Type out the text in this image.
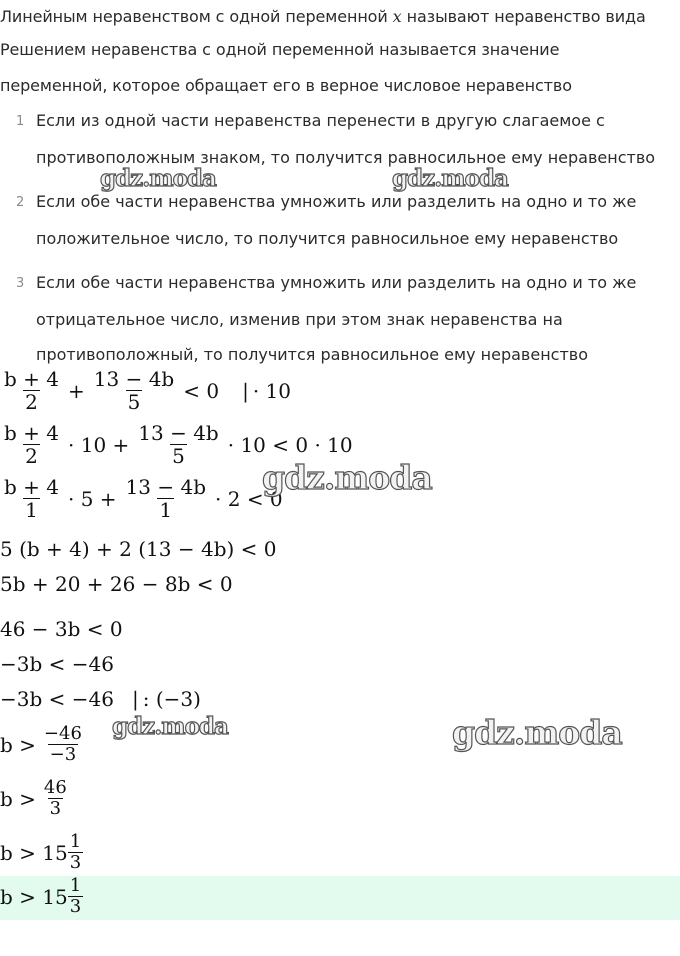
Линейным неравенством с одной переменной x называют неравенство вида
Решением неравенства с одной переменной называется значение
переменной, которое обращает его в верное числовое неравенство
1 Если из одной части неравенства перенести в другую слагаемое с
противоположным знаком, то получится равносильное ему неравенство
2 Если обе части неравенства умножить или разделить на одно и то же
положительное число, то получится равносильное ему неравенство
3 Если обе части неравенства умножить или разделить на одно и то же
отрицательное число, изменив при этом знак неравенства на
противоположный, то получится равносильное ему неравенство
$\frac{b + 4}{2} + \frac{13 - 4b}{5} < 0$ | · 10
$\frac{b + 4}{2} \cdot 10 + \frac{13 - 4b}{5} \cdot 10 < 0 \cdot 10$
$\frac{b + 4}{1} \cdot 5 + \frac{13 - 4b}{1} \cdot 2 < 0$
5 (b + 4) + 2 (13 − 4b) < 0
5b + 20 + 26 − 8b < 0
46 − 3b < 0
−3b < −46
−3b < −46 | : (−3)
$b > \frac{-46}{-3}$
$b > \frac{46}{3}$
$b > 15 \frac{1}{3}$
$b > 15 \frac{1}{3}$
gdz.moda	gdz.moda
gdz.moda
gdz.moda	gdz.moda
